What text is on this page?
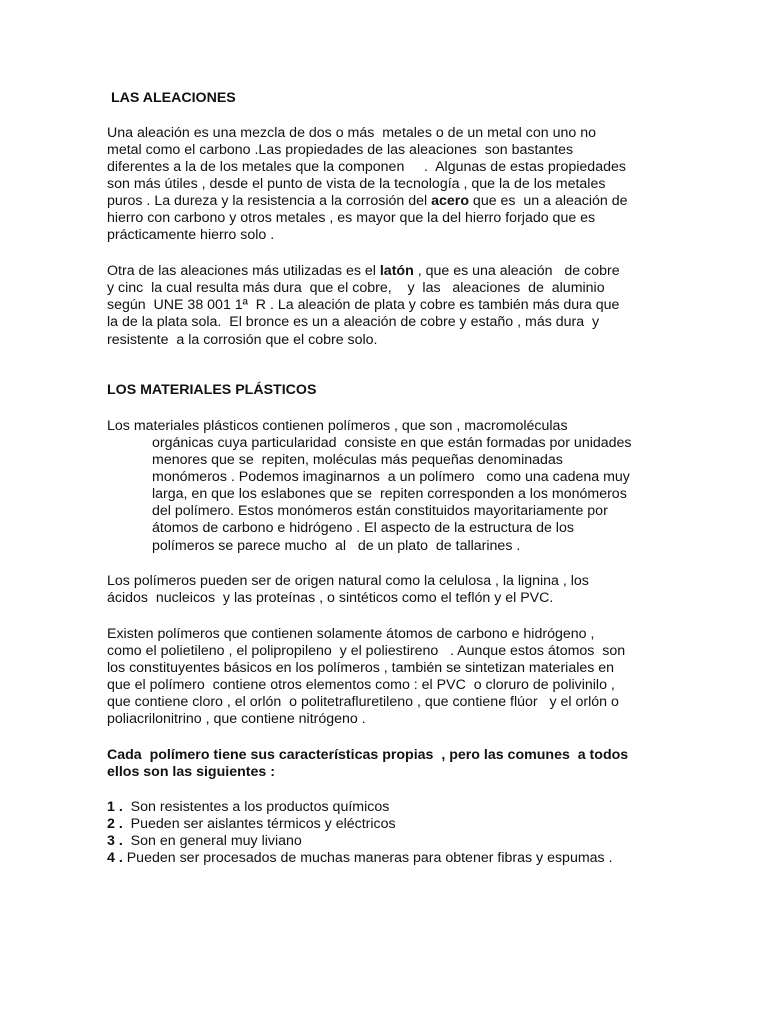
LAS ALEACIONES
Una aleación es una mezcla de dos o más  metales o de un metal con uno no
metal como el carbono .Las propiedades de las aleaciones  son bastantes
diferentes a la de los metales que la componen     .  Algunas de estas propiedades
son más útiles , desde el punto de vista de la tecnología , que la de los metales
puros . La dureza y la resistencia a la corrosión del acero que es  un a aleación de
hierro con carbono y otros metales , es mayor que la del hierro forjado que es
prácticamente hierro solo .
Otra de las aleaciones más utilizadas es el latón , que es una aleación   de cobre
y cinc  la cual resulta más dura  que el cobre,    y  las   aleaciones  de  aluminio
según  UNE 38 001 1ª  R . La aleación de plata y cobre es también más dura que
la de la plata sola.  El bronce es un a aleación de cobre y estaño , más dura  y
resistente  a la corrosión que el cobre solo.
LOS MATERIALES PLÁSTICOS
Los materiales plásticos contienen polímeros , que son , macromoléculas
orgánicas cuya particularidad  consiste en que están formadas por unidades
menores que se  repiten, moléculas más pequeñas denominadas
monómeros . Podemos imaginarnos  a un polímero   como una cadena muy
larga, en que los eslabones que se  repiten corresponden a los monómeros
del polímero. Estos monómeros están constituidos mayoritariamente por
átomos de carbono e hidrógeno . El aspecto de la estructura de los
polímeros se parece mucho  al   de un plato  de tallarines .
Los polímeros pueden ser de origen natural como la celulosa , la lignina , los
ácidos  nucleicos  y las proteínas , o sintéticos como el teflón y el PVC.
Existen polímeros que contienen solamente átomos de carbono e hidrógeno ,
como el polietileno , el polipropileno  y el poliestireno   . Aunque estos átomos  son
los constituyentes básicos en los polímeros , también se sintetizan materiales en
que el polímero  contiene otros elementos como : el PVC  o cloruro de polivinilo ,
que contiene cloro , el orlón  o politetrafluretileno , que contiene flúor   y el orlón o
poliacrilonitrino , que contiene nitrógeno .
Cada  polímero tiene sus características propias  , pero las comunes  a todos
ellos son las siguientes :
1 .  Son resistentes a los productos químicos
2 .  Pueden ser aislantes térmicos y eléctricos
3 .  Son en general muy liviano
4 . Pueden ser procesados de muchas maneras para obtener fibras y espumas .
